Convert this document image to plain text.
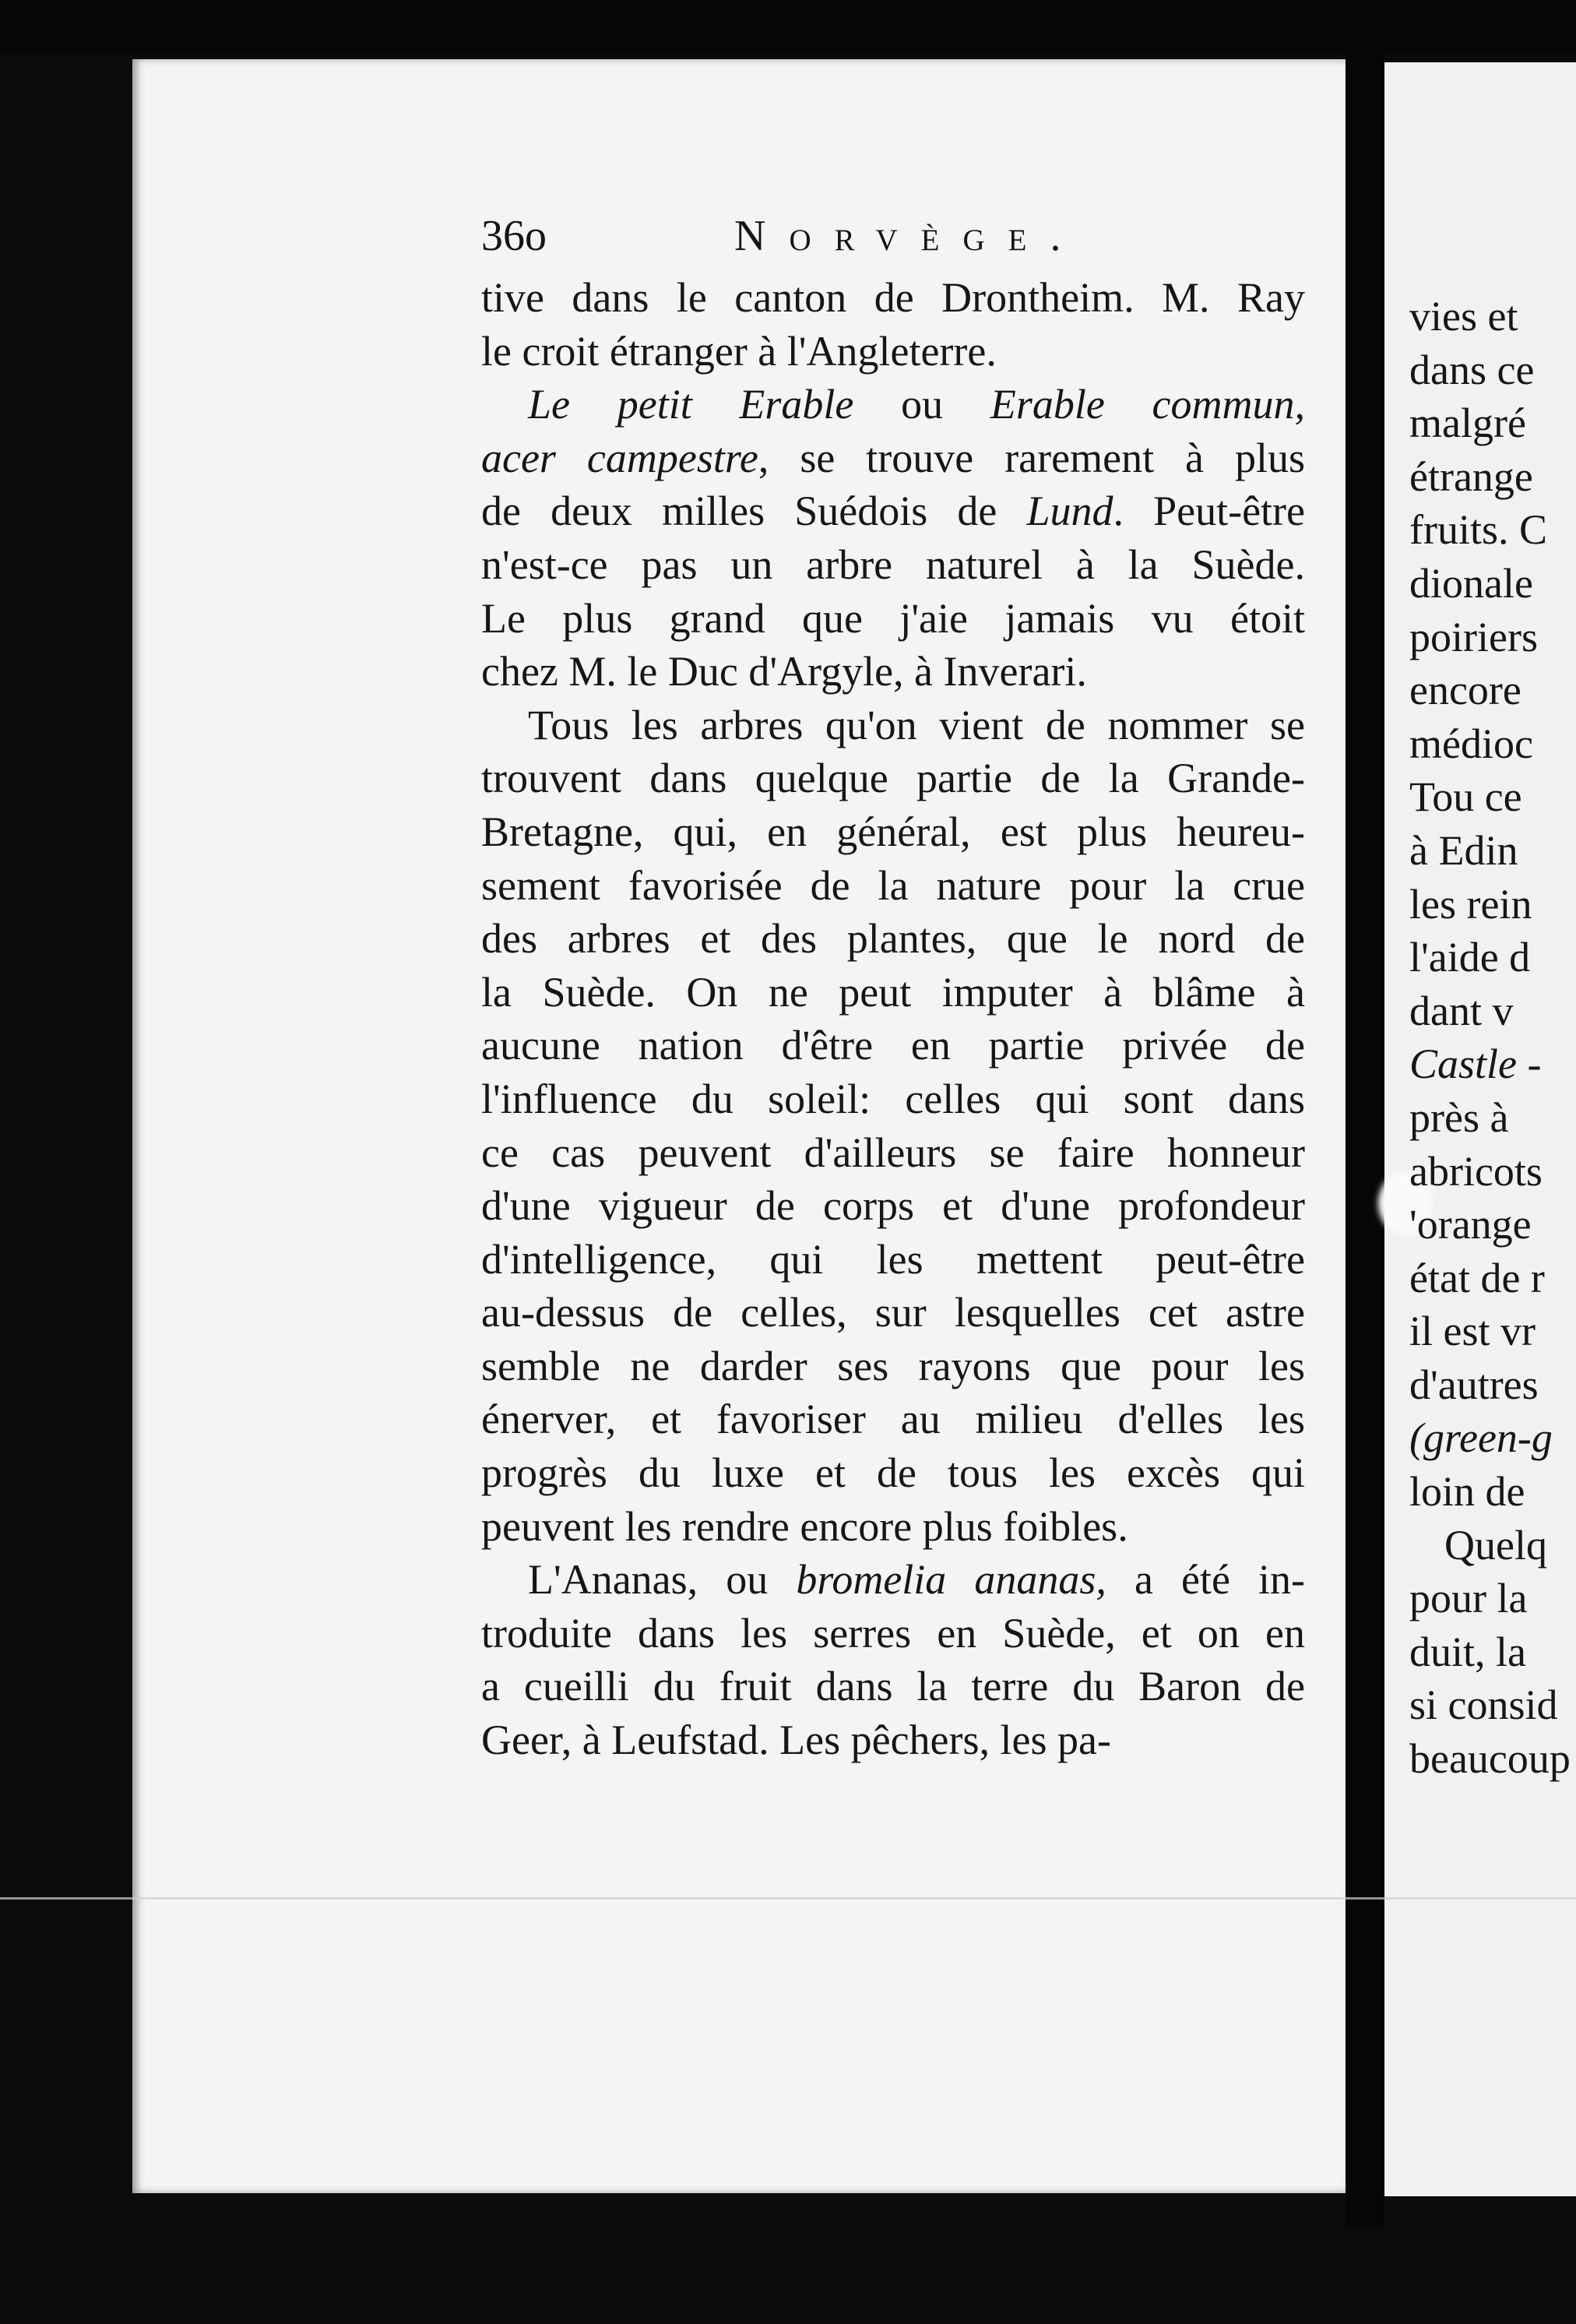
36o	Norvège.
tive dans le canton de Drontheim. M. Ray
le croit étranger à l'Angleterre.
Le petit Erable ou Erable commun,
acer campestre, se trouve rarement à plus
de deux milles Suédois de Lund. Peut-être
n'est-ce pas un arbre naturel à la Suède.
Le plus grand que j'aie jamais vu étoit
chez M. le Duc d'Argyle, à Inverari.
Tous les arbres qu'on vient de nommer se
trouvent dans quelque partie de la Grande-
Bretagne, qui, en général, est plus heureu-
sement favorisée de la nature pour la crue
des arbres et des plantes, que le nord de
la Suède. On ne peut imputer à blâme à
aucune nation d'être en partie privée de
l'influence du soleil: celles qui sont dans
ce cas peuvent d'ailleurs se faire honneur
d'une vigueur de corps et d'une profondeur
d'intelligence, qui les mettent peut-être
au-dessus de celles, sur lesquelles cet astre
semble ne darder ses rayons que pour les
énerver, et favoriser au milieu d'elles les
progrès du luxe et de tous les excès qui
peuvent les rendre encore plus foibles.
L'Ananas, ou bromelia ananas, a été in-
troduite dans les serres en Suède, et on en
a cueilli du fruit dans la terre du Baron de
Geer, à Leufstad. Les pêchers, les pa-
vies et
dans ce
malgré
étrange
fruits. C
dionale
poiriers
encore
médioc
Tou ce
à Edin
les rein
l'aide d
dant v
Castle -
près à
abricots
'orange
état de r
il est vr
d'autres
(green-g
loin de
Quelq
pour la
duit, la
si consid
beaucoup
